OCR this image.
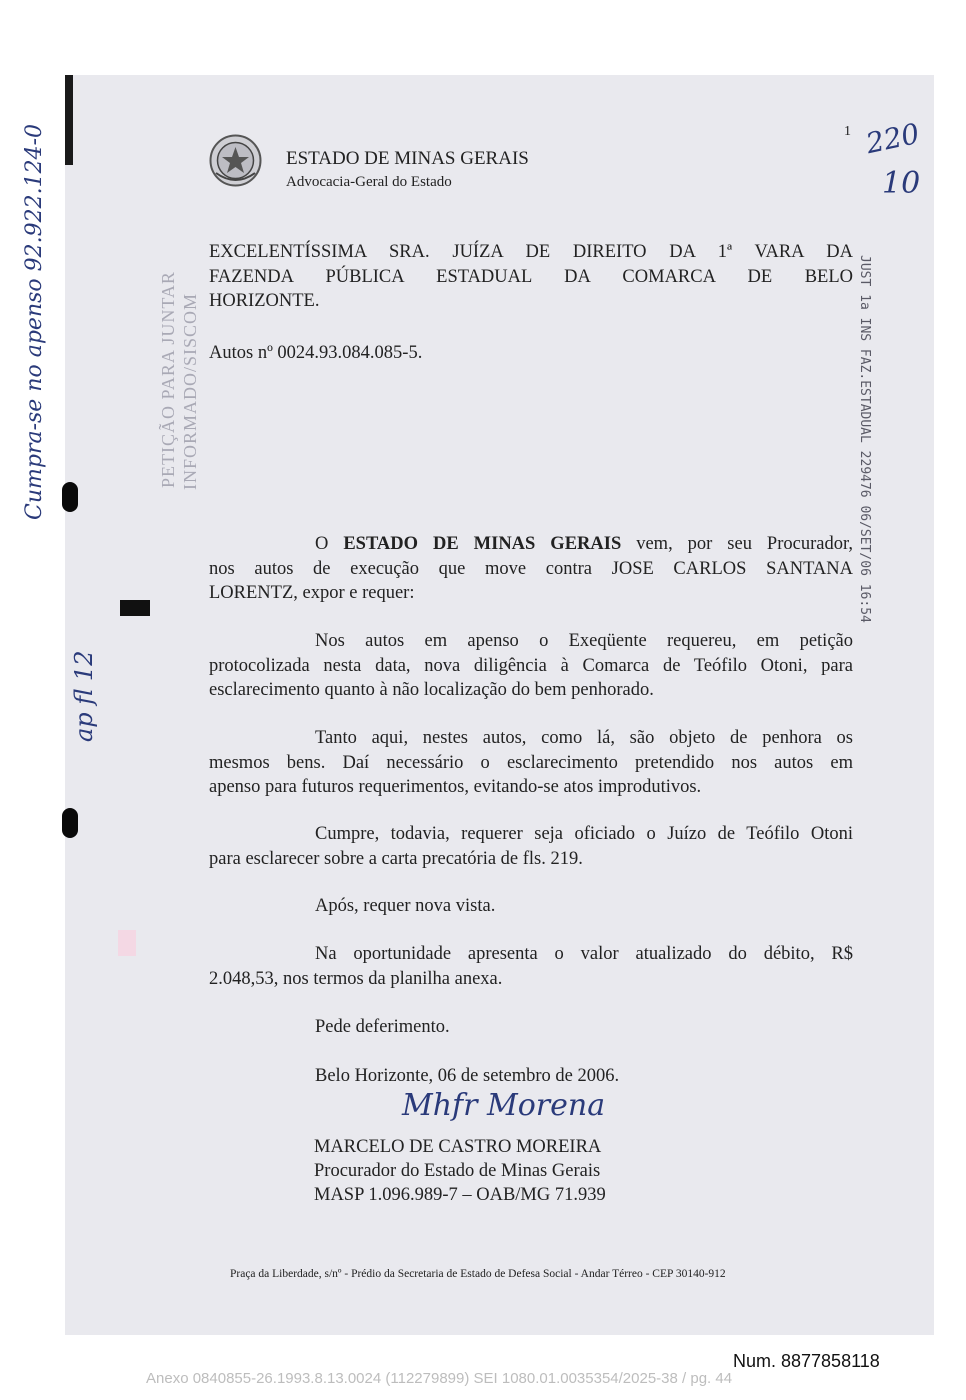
ESTADO DE MINAS GERAIS
Advocacia-Geral do Estado
1 220
10
Cumpra-se no apenso 92.922.124-0
ap fl 12
PETIÇÃO PARA JUNTAR INFORMADO/SISCOM	JUST 1a INS FAZ.ESTADUAL 229476 06/SET/06 16:54
EXCELENTÍSSIMA SRA. JUÍZA DE DIREITO DA 1ª VARA DA
FAZENDA PÚBLICA ESTADUAL DA COMARCA DE BELO
HORIZONTE.
Autos nº 0024.93.084.085-5.
O ESTADO DE MINAS GERAIS vem, por seu Procurador,
nos autos de execução que move contra JOSE CARLOS SANTANA
LORENTZ, expor e requer:
Nos autos em apenso o Exeqüente requereu, em petição
protocolizada nesta data, nova diligência à Comarca de Teófilo Otoni, para
esclarecimento quanto à não localização do bem penhorado.
Tanto aqui, nestes autos, como lá, são objeto de penhora os
mesmos bens. Daí necessário o esclarecimento pretendido nos autos em
apenso para futuros requerimentos, evitando-se atos improdutivos.
Cumpre, todavia, requerer seja oficiado o Juízo de Teófilo Otoni
para esclarecer sobre a carta precatória de fls. 219.
Após, requer nova vista.
Na oportunidade apresenta o valor atualizado do débito, R$
2.048,53, nos termos da planilha anexa.
Pede deferimento.
Belo Horizonte, 06 de setembro de 2006.
Mhfr Morena
MARCELO DE CASTRO MOREIRA
Procurador do Estado de Minas Gerais
MASP 1.096.989-7 – OAB/MG 71.939
Praça da Liberdade, s/nº - Prédio da Secretaria de Estado de Defesa Social - Andar Térreo - CEP 30140-912
Num. 8877858118
Anexo 0840855-26.1993.8.13.0024 (112279899) SEI 1080.01.0035354/2025-38 / pg. 44
